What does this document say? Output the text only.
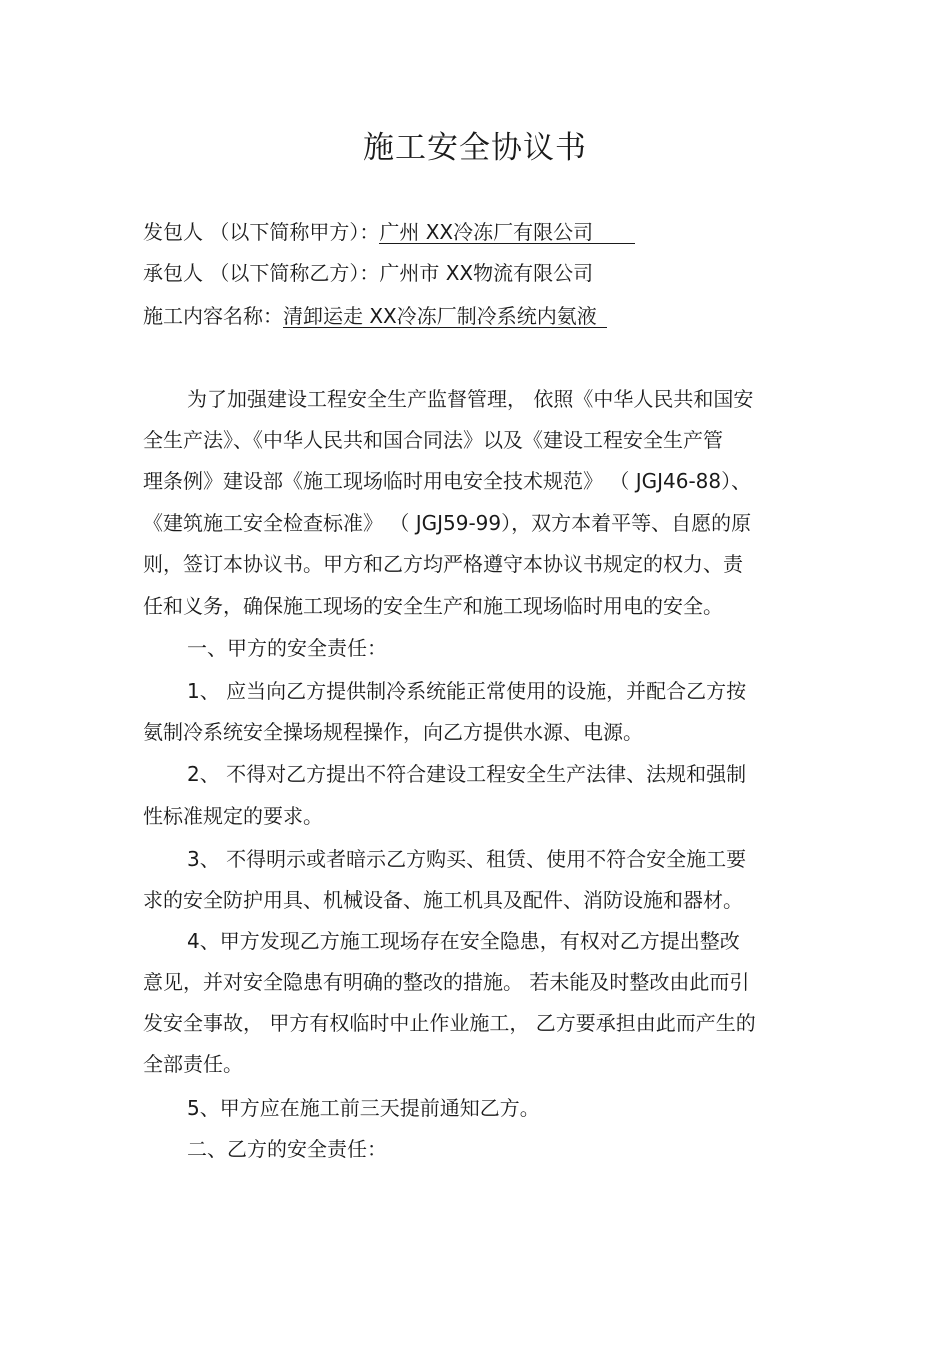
施工安全协议书
发包人 （以下简称甲方）：广州 XX冷冻厂有限公司
承包人 （以下简称乙方）：广州市 XX物流有限公司
施工内容名称：清卸运走 XX冷冻厂制冷系统内氨液
为了加强建设工程安全生产监督管理， 依照《中华人民共和国安
全生产法》、《中华人民共和国合同法》以及《建设工程安全生产管
理条例》建设部《施工现场临时用电安全技术规范》 （ JGJ46-88）、
《建筑施工安全检查标准》 （ JGJ59-99），双方本着平等、自愿的原
则，签订本协议书。甲方和乙方均严格遵守本协议书规定的权力、责
任和义务，确保施工现场的安全生产和施工现场临时用电的安全。
一、甲方的安全责任：
1、 应当向乙方提供制冷系统能正常使用的设施，并配合乙方按
氨制冷系统安全操场规程操作，向乙方提供水源、电源。
2、 不得对乙方提出不符合建设工程安全生产法律、法规和强制
性标准规定的要求。
3、 不得明示或者暗示乙方购买、租赁、使用不符合安全施工要
求的安全防护用具、机械设备、施工机具及配件、消防设施和器材。
4、甲方发现乙方施工现场存在安全隐患，有权对乙方提出整改
意见，并对安全隐患有明确的整改的措施。 若未能及时整改由此而引
发安全事故， 甲方有权临时中止作业施工， 乙方要承担由此而产生的
全部责任。
5、甲方应在施工前三天提前通知乙方。
二、乙方的安全责任：
